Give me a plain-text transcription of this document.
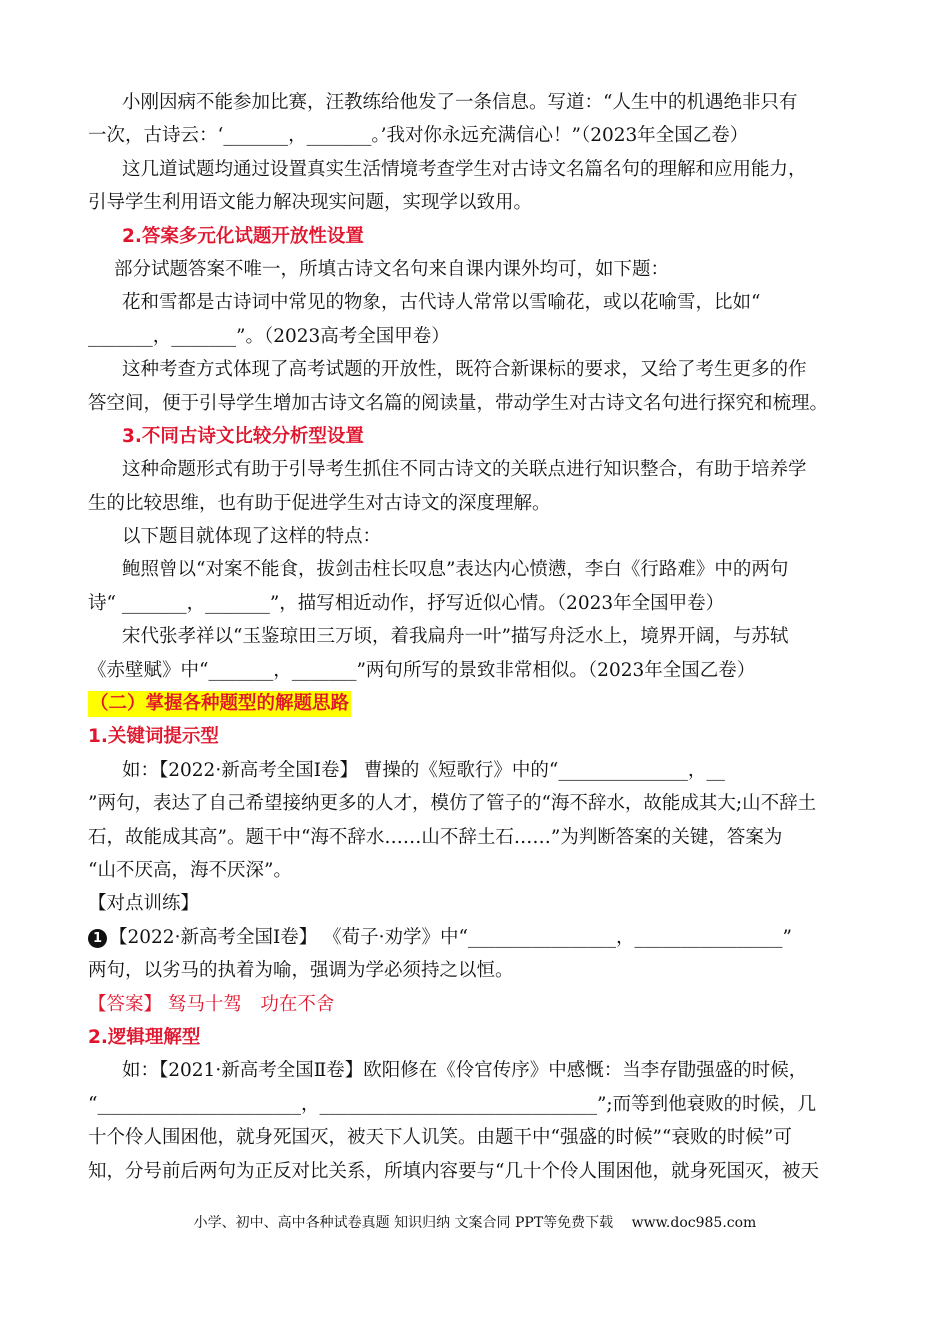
小刚因病不能参加比赛，汪教练给他发了一条信息。写道：“人生中的机遇绝非只有
一次，古诗云：‘_______，_______。’我对你永远充满信心！”（2023年全国乙卷）
这几道试题均通过设置真实生活情境考查学生对古诗文名篇名句的理解和应用能力，
引导学生利用语文能力解决现实问题，实现学以致用。
2.答案多元化试题开放性设置
部分试题答案不唯一，所填古诗文名句来自课内课外均可，如下题：
花和雪都是古诗词中常见的物象，古代诗人常常以雪喻花，或以花喻雪，比如“
_______，_______”。（2023高考全国甲卷）
这种考查方式体现了高考试题的开放性，既符合新课标的要求，又给了考生更多的作
答空间，便于引导学生增加古诗文名篇的阅读量，带动学生对古诗文名句进行探究和梳理。
3.不同古诗文比较分析型设置
这种命题形式有助于引导考生抓住不同古诗文的关联点进行知识整合，有助于培养学
生的比较思维，也有助于促进学生对古诗文的深度理解。
以下题目就体现了这样的特点：
鲍照曾以“对案不能食，拔剑击柱长叹息”表达内心愤懑，李白《行路难》中的两句
诗“ _______，_______”，描写相近动作，抒写近似心情。（2023年全国甲卷）
宋代张孝祥以“玉鉴琼田三万顷，着我扁舟一叶”描写舟泛水上，境界开阔，与苏轼
《赤壁赋》中“_______，_______”两句所写的景致非常相似。（2023年全国乙卷）
（二）掌握各种题型的解题思路
1.关键词提示型
如：【2022·新高考全国Ⅰ卷】 曹操的《短歌行》中的“______________，__
”两句，表达了自己希望接纳更多的人才，模仿了管子的“海不辞水，故能成其大;山不辞土
石，故能成其高”。题干中“海不辞水……山不辞土石……”为判断答案的关键，答案为
“山不厌高，海不厌深”。
【对点训练】
1 【2022·新高考全国Ⅰ卷】 《荀子·劝学》中“________________，________________”
两句，以劣马的执着为喻，强调为学必须持之以恒。
【答案】 驽马十驾　功在不舍
2.逻辑理解型
如：【2021·新高考全国Ⅱ卷】欧阳修在《伶官传序》中感慨：当李存勖强盛的时候，
“______________________，______________________________”;而等到他衰败的时候，几
十个伶人围困他，就身死国灭，被天下人讥笑。由题干中“强盛的时候”“衰败的时候”可
知，分号前后两句为正反对比关系，所填内容要与“几十个伶人围困他，就身死国灭，被天
小学、初中、高中各种试卷真题 知识归纳 文案合同 PPT等免费下载　 www.doc985.com
